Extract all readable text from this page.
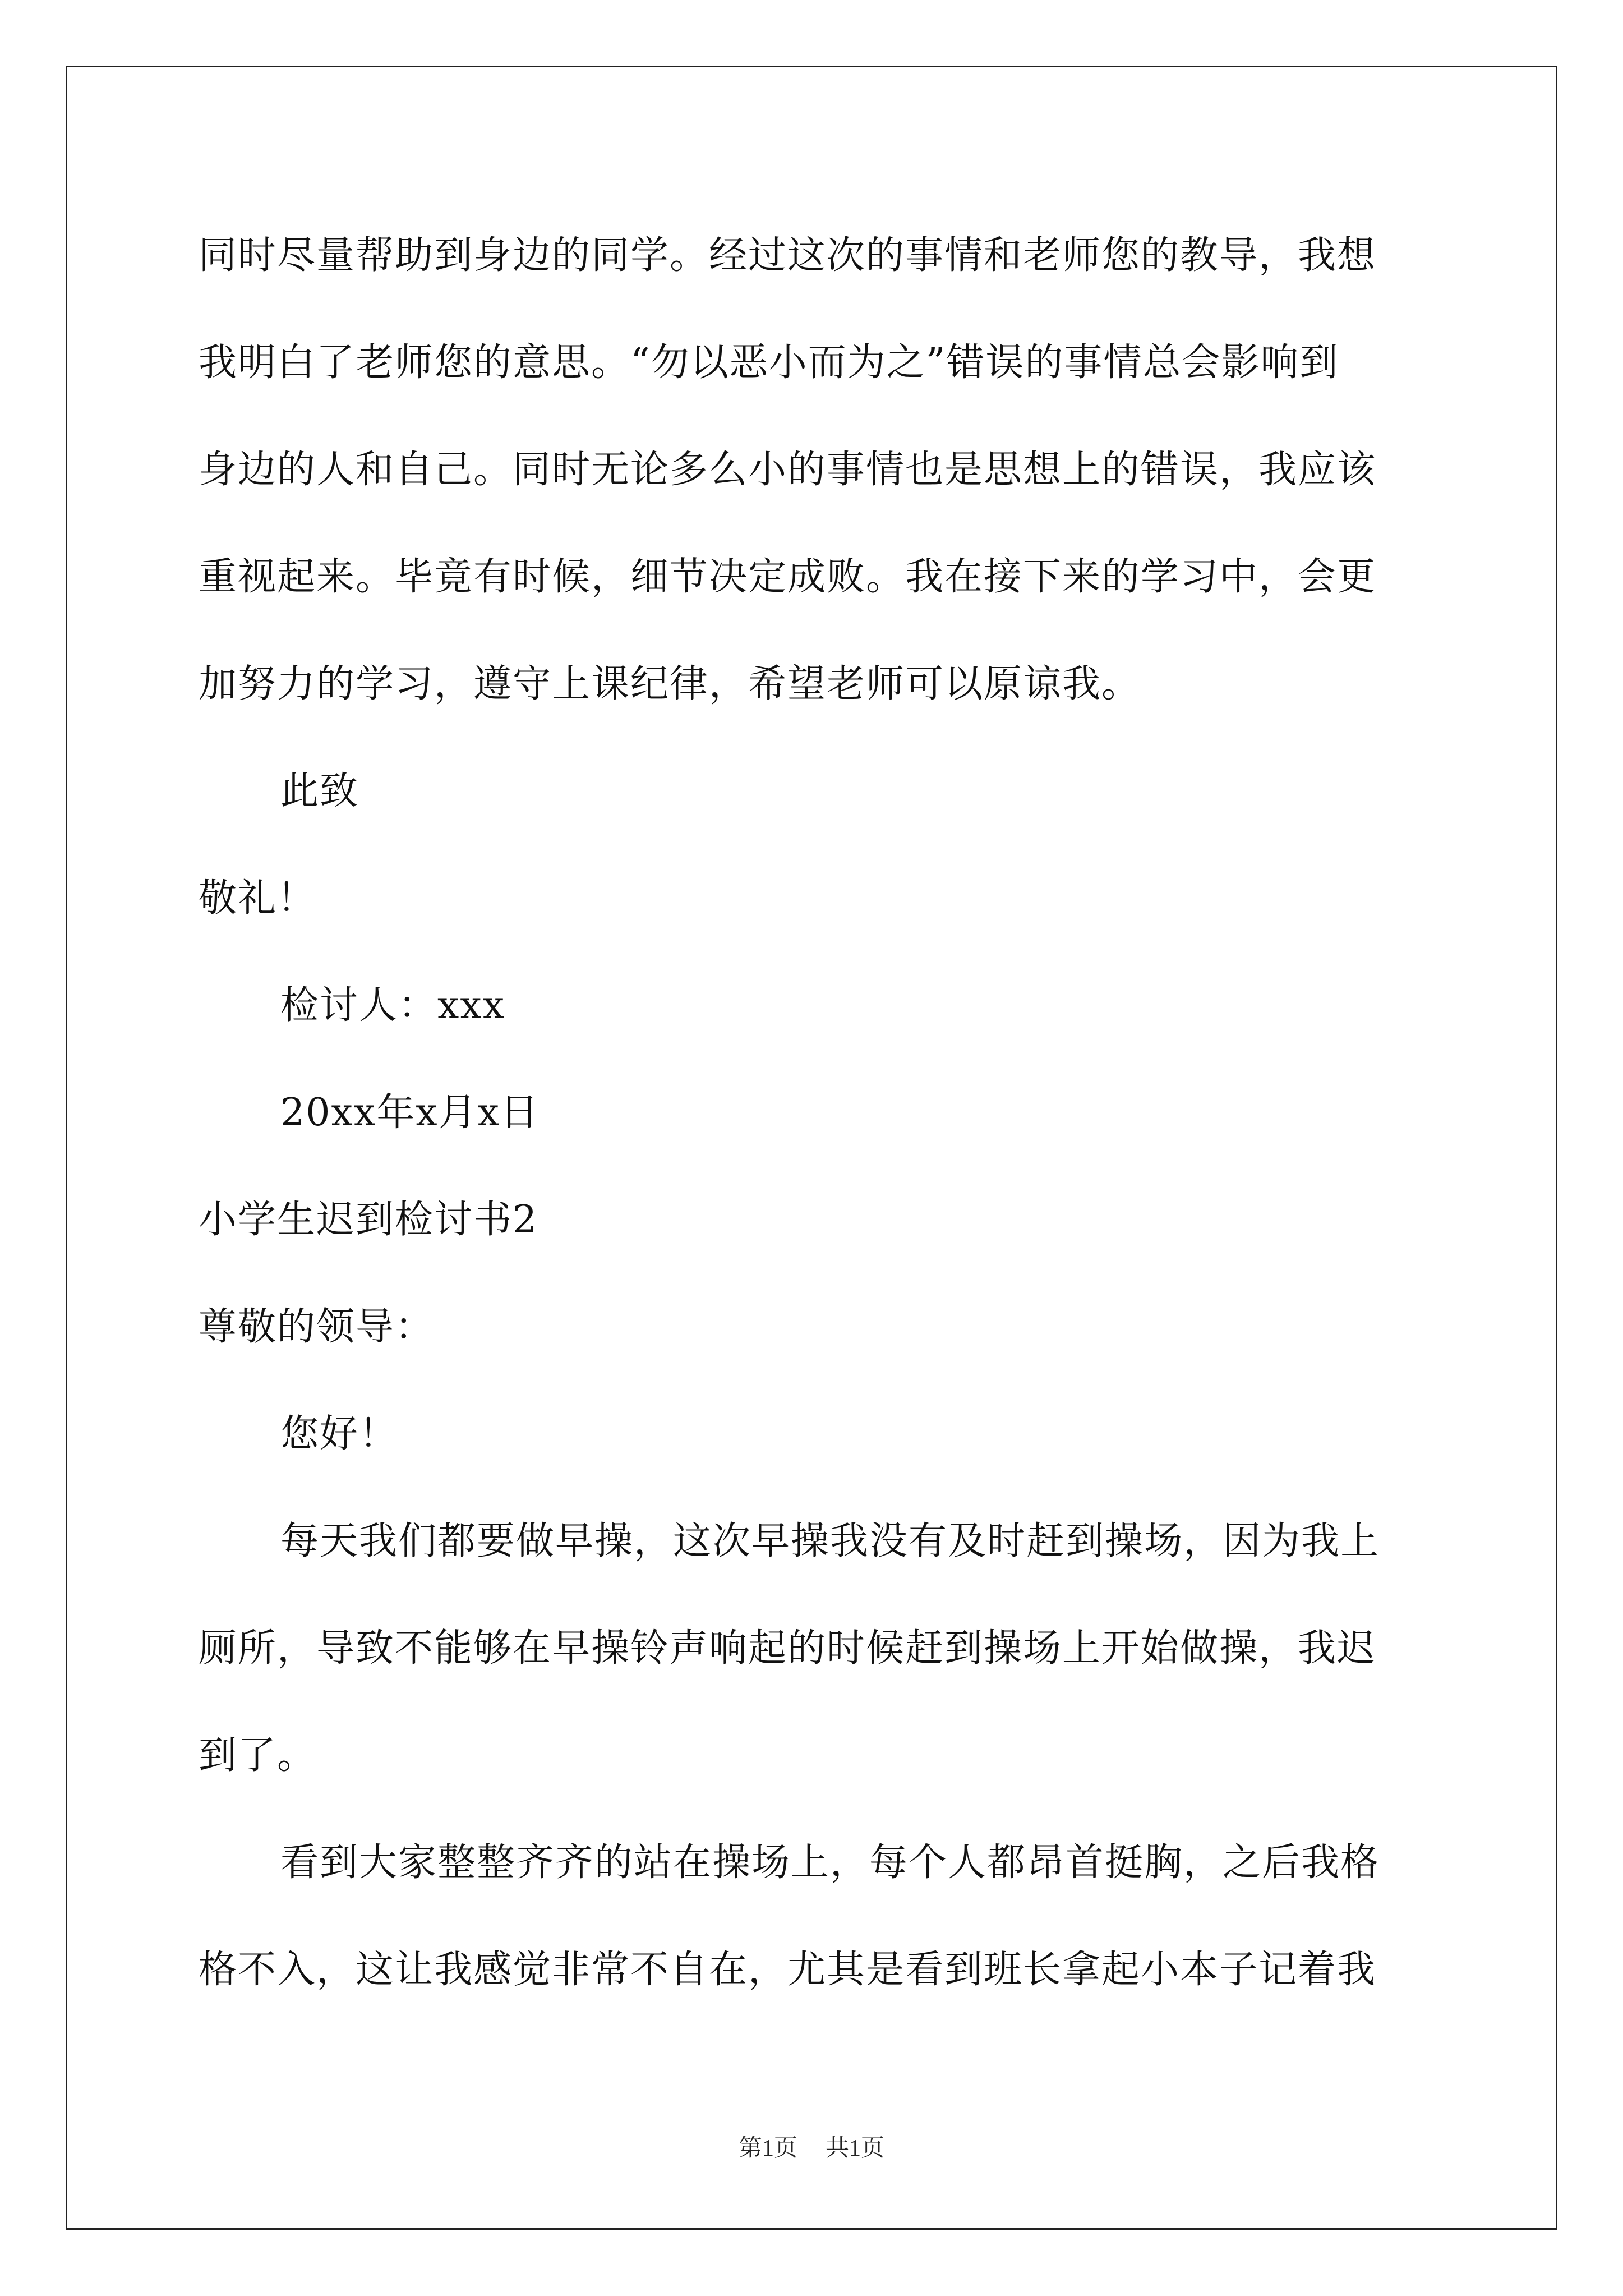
同时尽量帮助到身边的同学。经过这次的事情和老师您的教导，我想
我明白了老师您的意思。“勿以恶小而为之”错误的事情总会影响到
身边的人和自己。同时无论多么小的事情也是思想上的错误，我应该
重视起来。毕竟有时候，细节决定成败。我在接下来的学习中，会更
加努力的学习，遵守上课纪律，希望老师可以原谅我。
此致
敬礼！
检讨人：xxx
20xx年x月x日
小学生迟到检讨书2
尊敬的领导：
您好！
每天我们都要做早操，这次早操我没有及时赶到操场，因为我上
厕所，导致不能够在早操铃声响起的时候赶到操场上开始做操，我迟
到了。
看到大家整整齐齐的站在操场上，每个人都昂首挺胸，之后我格
格不入，这让我感觉非常不自在，尤其是看到班长拿起小本子记着我
第1页 共1页
